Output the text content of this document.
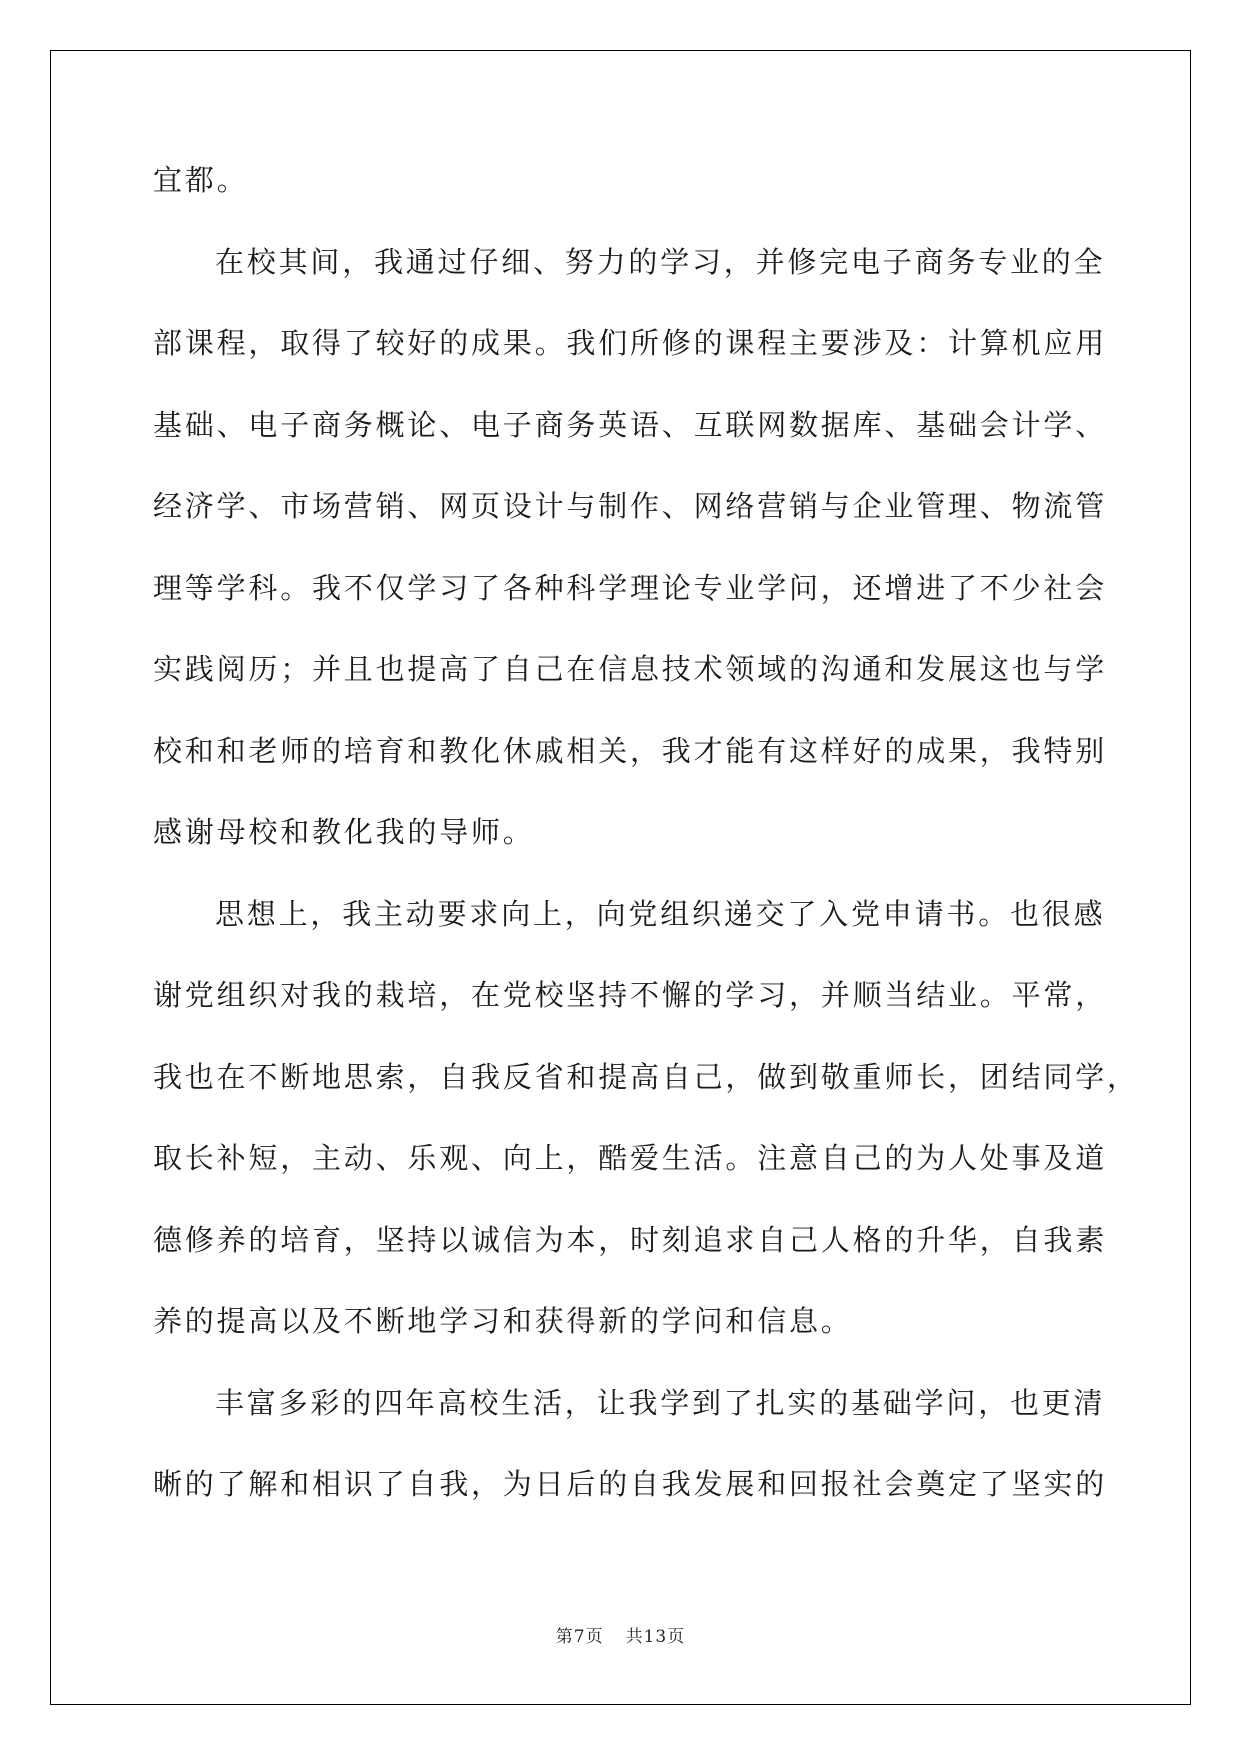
宜都。
在校其间，我通过仔细、努力的学习，并修完电子商务专业的全
部课程，取得了较好的成果。我们所修的课程主要涉及：计算机应用
基础、电子商务概论、电子商务英语、互联网数据库、基础会计学、
经济学、市场营销、网页设计与制作、网络营销与企业管理、物流管
理等学科。我不仅学习了各种科学理论专业学问，还增进了不少社会
实践阅历；并且也提高了自己在信息技术领域的沟通和发展这也与学
校和和老师的培育和教化休戚相关，我才能有这样好的成果，我特别
感谢母校和教化我的导师。
思想上，我主动要求向上，向党组织递交了入党申请书。也很感
谢党组织对我的栽培，在党校坚持不懈的学习，并顺当结业。平常，
我也在不断地思索，自我反省和提高自己，做到敬重师长，团结同学，
取长补短，主动、乐观、向上，酷爱生活。注意自己的为人处事及道
德修养的培育，坚持以诚信为本，时刻追求自己人格的升华，自我素
养的提高以及不断地学习和获得新的学问和信息。
丰富多彩的四年高校生活，让我学到了扎实的基础学问，也更清
晰的了解和相识了自我，为日后的自我发展和回报社会奠定了坚实的
第7页 共13页
